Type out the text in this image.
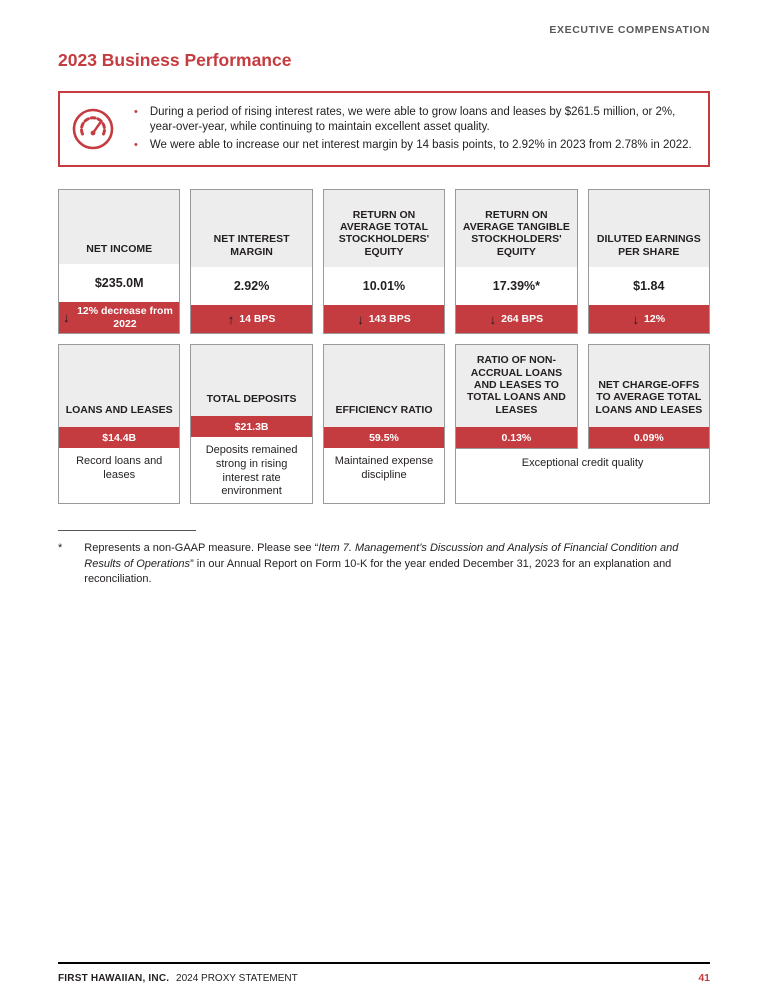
EXECUTIVE COMPENSATION
2023 Business Performance
• During a period of rising interest rates, we were able to grow loans and leases by $261.5 million, or 2%, year-over-year, while continuing to maintain excellent asset quality.
• We were able to increase our net interest margin by 14 basis points, to 2.92% in 2023 from 2.78% in 2022.
NET INCOME
$235.0M
↓ 12% decrease from 2022
NET INTEREST MARGIN
2.92%
↑ 14 BPS
RETURN ON AVERAGE TOTAL STOCKHOLDERS' EQUITY
10.01%
↓ 143 BPS
RETURN ON AVERAGE TANGIBLE STOCKHOLDERS' EQUITY
17.39%*
↓ 264 BPS
DILUTED EARNINGS PER SHARE
$1.84
↓ 12%
LOANS AND LEASES
$14.4B
Record loans and leases
TOTAL DEPOSITS
$21.3B
Deposits remained strong in rising interest rate environment
EFFICIENCY RATIO
59.5%
Maintained expense discipline
RATIO OF NON-ACCRUAL LOANS AND LEASES TO TOTAL LOANS AND LEASES
0.13%
NET CHARGE-OFFS TO AVERAGE TOTAL LOANS AND LEASES
0.09%
Exceptional credit quality
* Represents a non-GAAP measure. Please see “Item 7. Management’s Discussion and Analysis of Financial Condition and Results of Operations” in our Annual Report on Form 10-K for the year ended December 31, 2023 for an explanation and reconciliation.
FIRST HAWAIIAN, INC. 2024 PROXY STATEMENT	41
